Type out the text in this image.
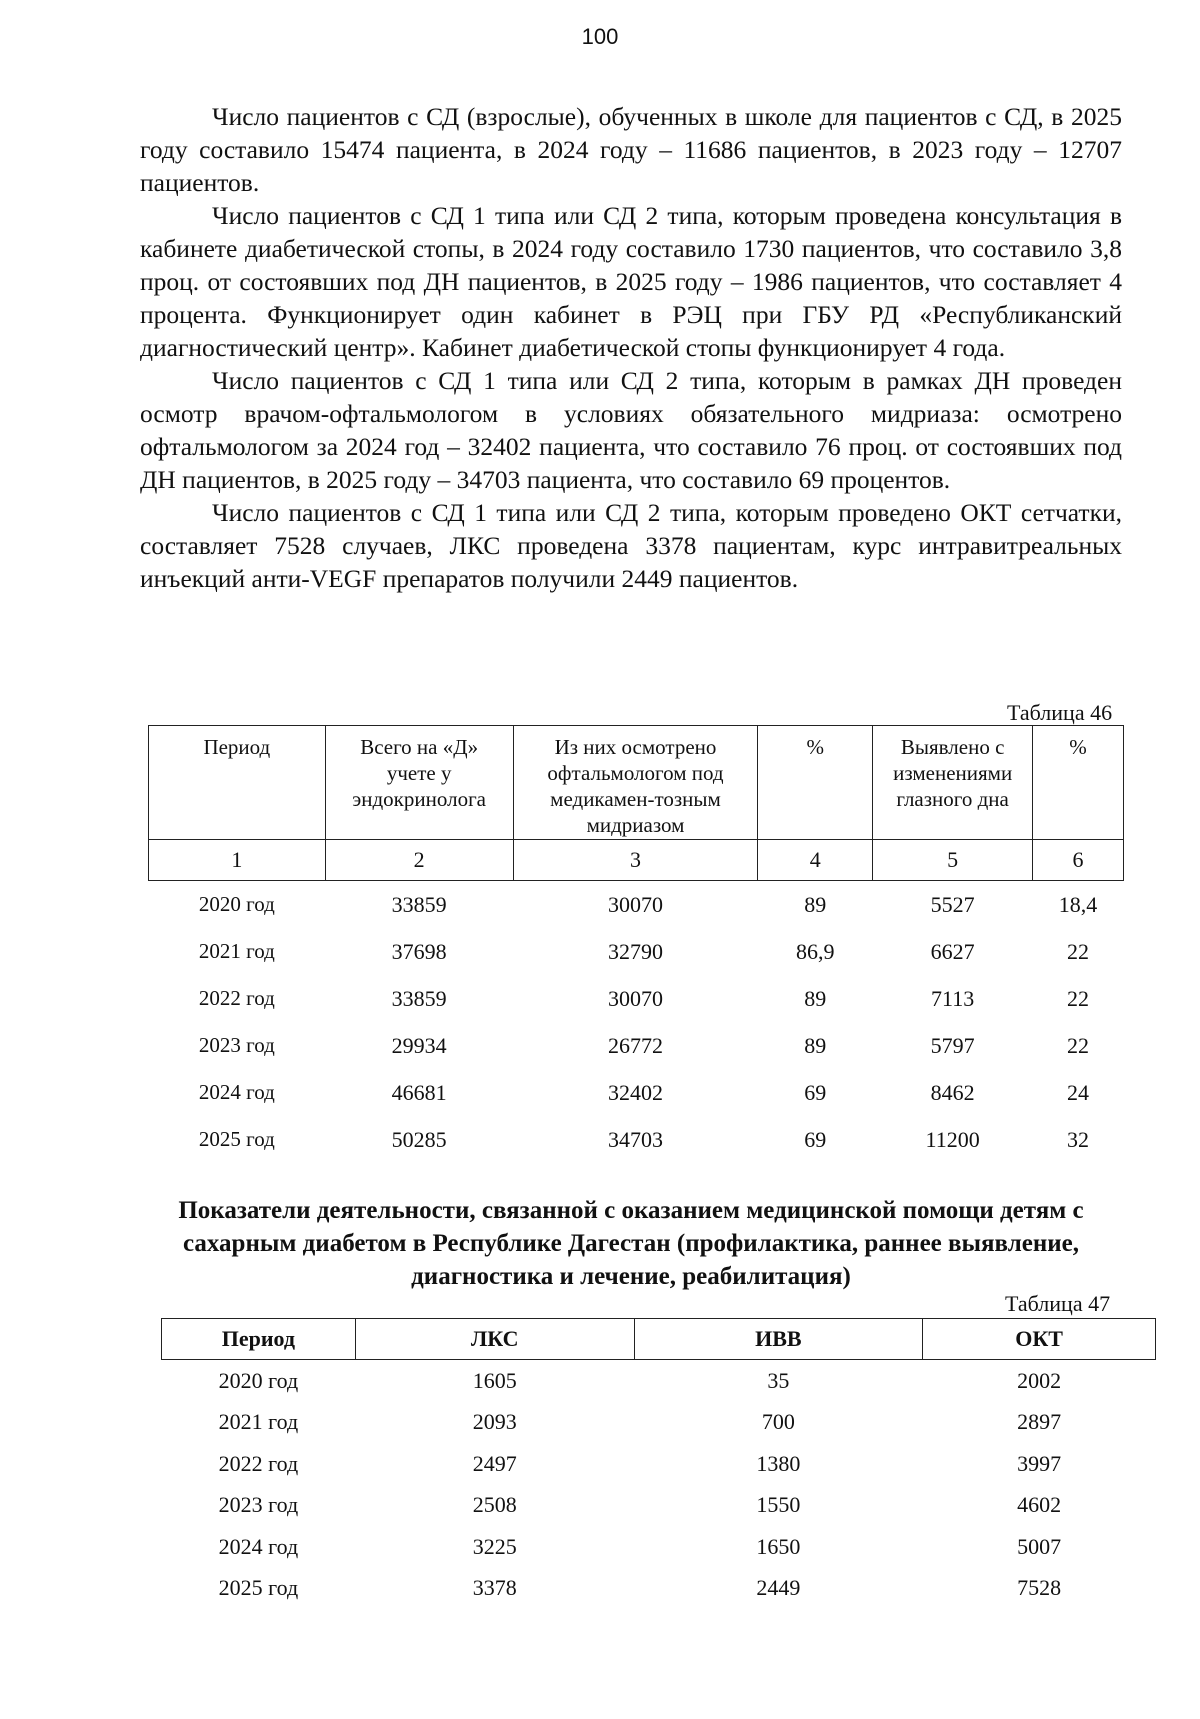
100

Число пациентов с СД (взрослые), обученных в школе для пациентов с СД, в 2025 году составило 15474 пациента, в 2024 году – 11686 пациентов, в 2023 году – 12707 пациентов.

Число пациентов с СД 1 типа или СД 2 типа, которым проведена консультация в кабинете диабетической стопы, в 2024 году составило 1730 пациентов, что составило 3,8 проц. от состоявших под ДН пациентов, в 2025 году – 1986 пациентов, что составляет 4 процента. Функционирует один кабинет в РЭЦ при ГБУ РД «Республиканский диагностический центр». Кабинет диабетической стопы функционирует 4 года.

Число пациентов с СД 1 типа или СД 2 типа, которым в рамках ДН проведен осмотр врачом-офтальмологом в условиях обязательного мидриаза: осмотрено офтальмологом за 2024 год – 32402 пациента, что составило 76 проц. от состоявших под ДН пациентов, в 2025 году – 34703 пациента, что составило 69 процентов.

Число пациентов с СД 1 типа или СД 2 типа, которым проведено ОКТ сетчатки, составляет 7528 случаев, ЛКС проведена 3378 пациентам, курс интравитреальных инъекций анти-VEGF препаратов получили 2449 пациентов.

Таблица 46
Период	Всего на «Д» учете у эндокринолога	Из них осмотрено офтальмологом под медикамен-тозным мидриазом	%	Выявлено с изменениями глазного дна	%
1	2	3	4	5	6
2020 год	33859	30070	89	5527	18,4
2021 год	37698	32790	86,9	6627	22
2022 год	33859	30070	89	7113	22
2023 год	29934	26772	89	5797	22
2024 год	46681	32402	69	8462	24
2025 год	50285	34703	69	11200	32
Показатели деятельности, связанной с оказанием медицинской помощи детям с сахарным диабетом в Республике Дагестан (профилактика, раннее выявление, диагностика и лечение, реабилитация)
Таблица 47
Период	ЛКС	ИВВ	ОКТ
2020 год	1605	35	2002
2021 год	2093	700	2897
2022 год	2497	1380	3997
2023 год	2508	1550	4602
2024 год	3225	1650	5007
2025 год	3378	2449	7528
